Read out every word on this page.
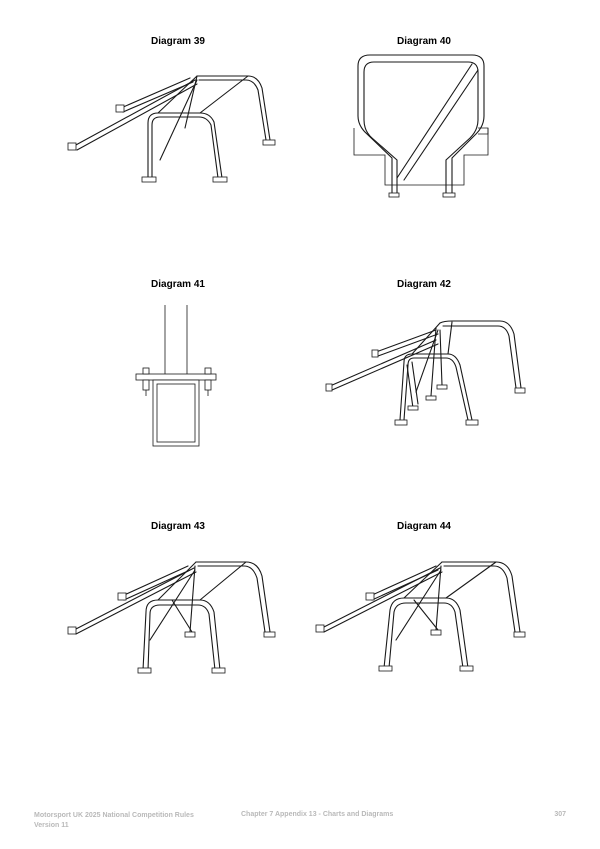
Diagram 39	Diagram 40
Diagram 41	Diagram 42
Diagram 43	Diagram 44
Motorsport UK 2025 National Competition Rules
Version 11
Chapter 7 Appendix 13 - Charts and Diagrams	307
